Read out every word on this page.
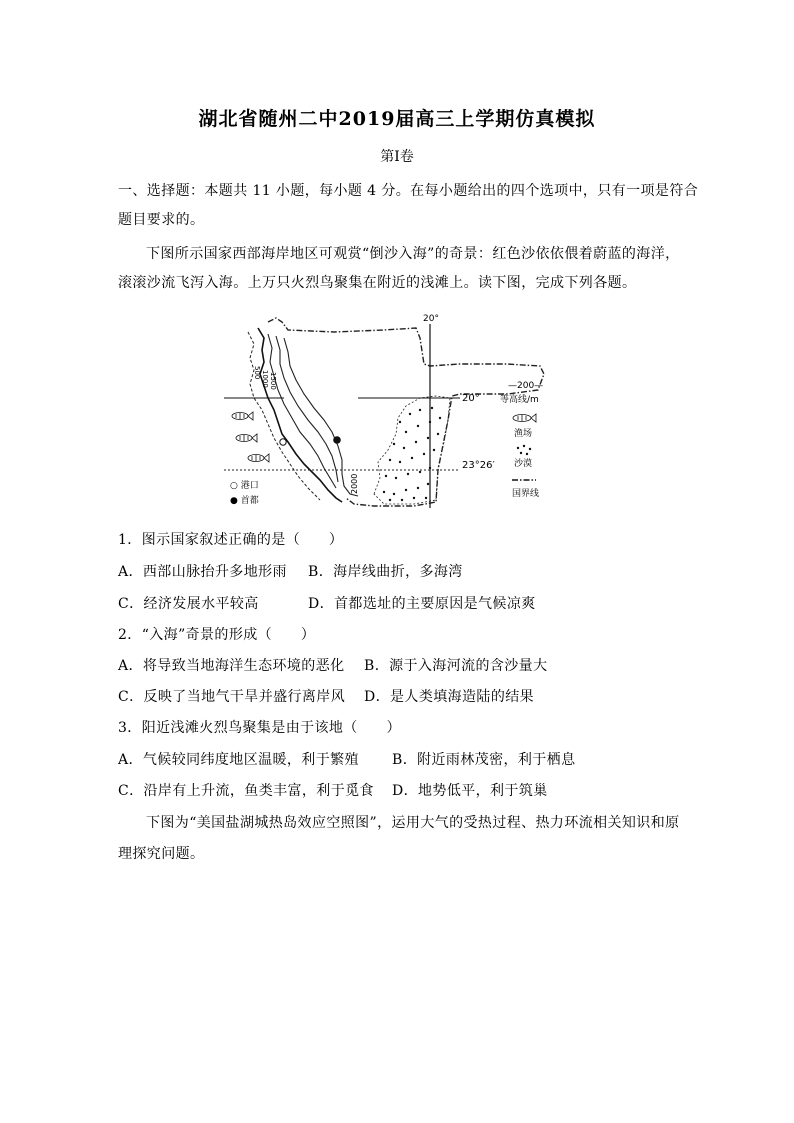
湖北省随州二中2019届高三上学期仿真模拟
第Ⅰ卷
一、选择题：本题共 11 小题，每小题 4 分。在每小题给出的四个选项中，只有一项是符合
题目要求的。
下图所示国家西部海岸地区可观赏“倒沙入海”的奇景：红色沙依依偎着蔚蓝的海洋，
滚滚沙流飞泻入海。上万只火烈鸟聚集在附近的浅滩上。读下图，完成下列各题。
20°
20°
23°26′
500 1000 1500
2000
○ 港口
● 首都
—200—
等高线/m
渔场
沙漠
国界线
1．图示国家叙述正确的是（　　）
A．西部山脉抬升多地形雨 B．海岸线曲折，多海湾
C．经济发展水平较高	D．首都选址的主要原因是气候凉爽
2．“入海”奇景的形成（　　）
A．将导致当地海洋生态环境的恶化 B．源于入海河流的含沙量大
C．反映了当地气干旱并盛行离岸风 D．是人类填海造陆的结果
3．阳近浅滩火烈鸟聚集是由于该地（　　）
A．气候较同纬度地区温暖，利于繁殖 B．附近雨林茂密，利于栖息
C．沿岸有上升流，鱼类丰富，利于觅食 D．地势低平，利于筑巢
下图为“美国盐湖城热岛效应空照图”，运用大气的受热过程、热力环流相关知识和原
理探究问题。
